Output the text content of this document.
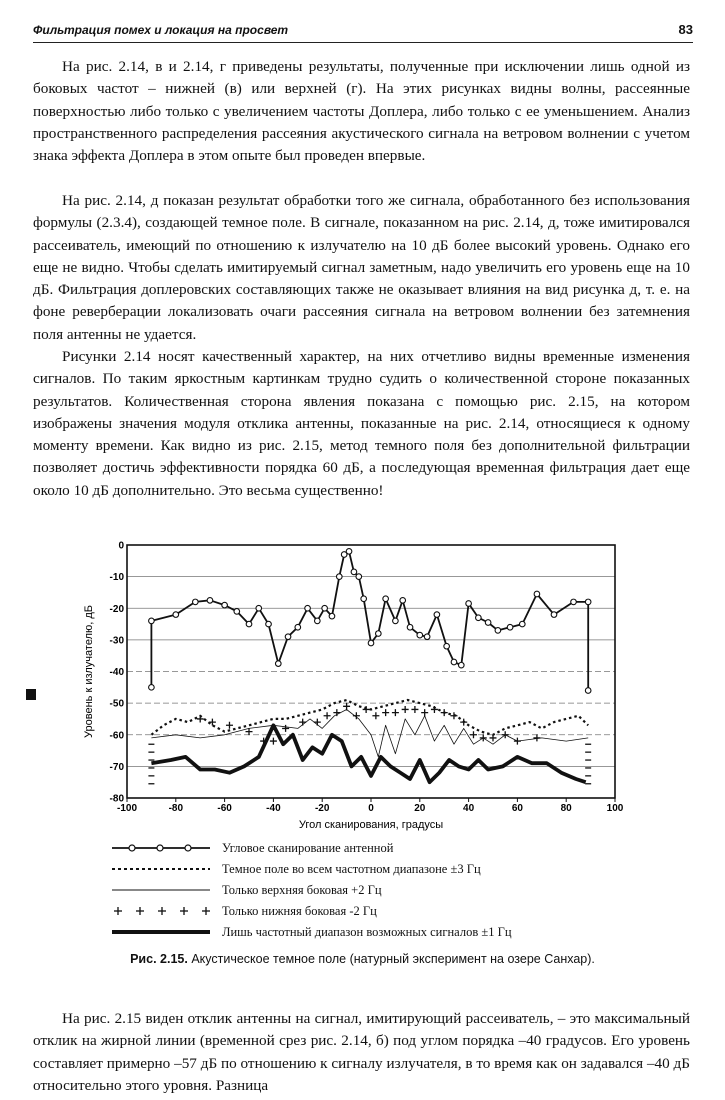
Фильтрация помех и локация на просвет	83

На рис. 2.14, в и 2.14, г приведены результаты, полученные при исключении лишь одной из боковых частот – нижней (в) или верхней (г). На этих рисунках видны волны, рассеянные поверхностью либо только с увеличением частоты Доплера, либо только с ее уменьшением. Анализ пространственного распределения рассеяния акустического сигнала на ветровом волнении с учетом знака эффекта Доплера в этом опыте был проведен впервые.

На рис. 2.14, д показан результат обработки того же сигнала, обработанного без использования формулы (2.3.4), создающей темное поле. В сигнале, показанном на рис. 2.14, д, тоже имитировался рассеиватель, имеющий по отношению к излучателю на 10 дБ более высокий уровень. Однако его еще не видно. Чтобы сделать имитируемый сигнал заметным, надо увеличить его уровень еще на 10 дБ. Фильтрация доплеровских составляющих также не оказывает влияния на вид рисунка д, т. е. на фоне реверберации локализовать очаги рассеяния сигнала на ветровом волнении без затемнения поля антенны не удается.

Рисунки 2.14 носят качественный характер, на них отчетливо видны временные изменения сигналов. По таким яркостным картинкам трудно судить о количественной стороне показанных результатов. Количественная сторона явления показана с помощью рис. 2.15, на котором изображены значения модуля отклика антенны, показанные на рис. 2.14, относящиеся к одному моменту времени. Как видно из рис. 2.15, метод темного поля без дополнительной фильтрации позволяет достичь эффективности порядка 60 дБ, а последующая временная фильтрация дает еще около 10 дБ дополнительно. Это весьма существенно!

0
-10
-20
-30
-40
-50
-60
-70
-80
-100	-80	-60	-40	-20	0	20	40	60	80	100
Угол сканирования, градусы
Уровень к излучателю, дБ
Угловое сканирование антенной
Темное поле во всем частотном диапазоне ±3 Гц
Только верхняя боковая +2 Гц
Только нижняя боковая -2 Гц
Лишь частотный диапазон возможных сигналов ±1 Гц
Рис. 2.15. Акустическое темное поле (натурный эксперимент на озере Санхар).

На рис. 2.15 виден отклик антенны на сигнал, имитирующий рассеиватель, – это максимальный отклик на жирной линии (временной срез рис. 2.14, б) под углом порядка –40 градусов. Его уровень составляет примерно –57 дБ по отношению к сигналу излучателя, в то время как он задавался –40 дБ относительно этого уровня. Разница
